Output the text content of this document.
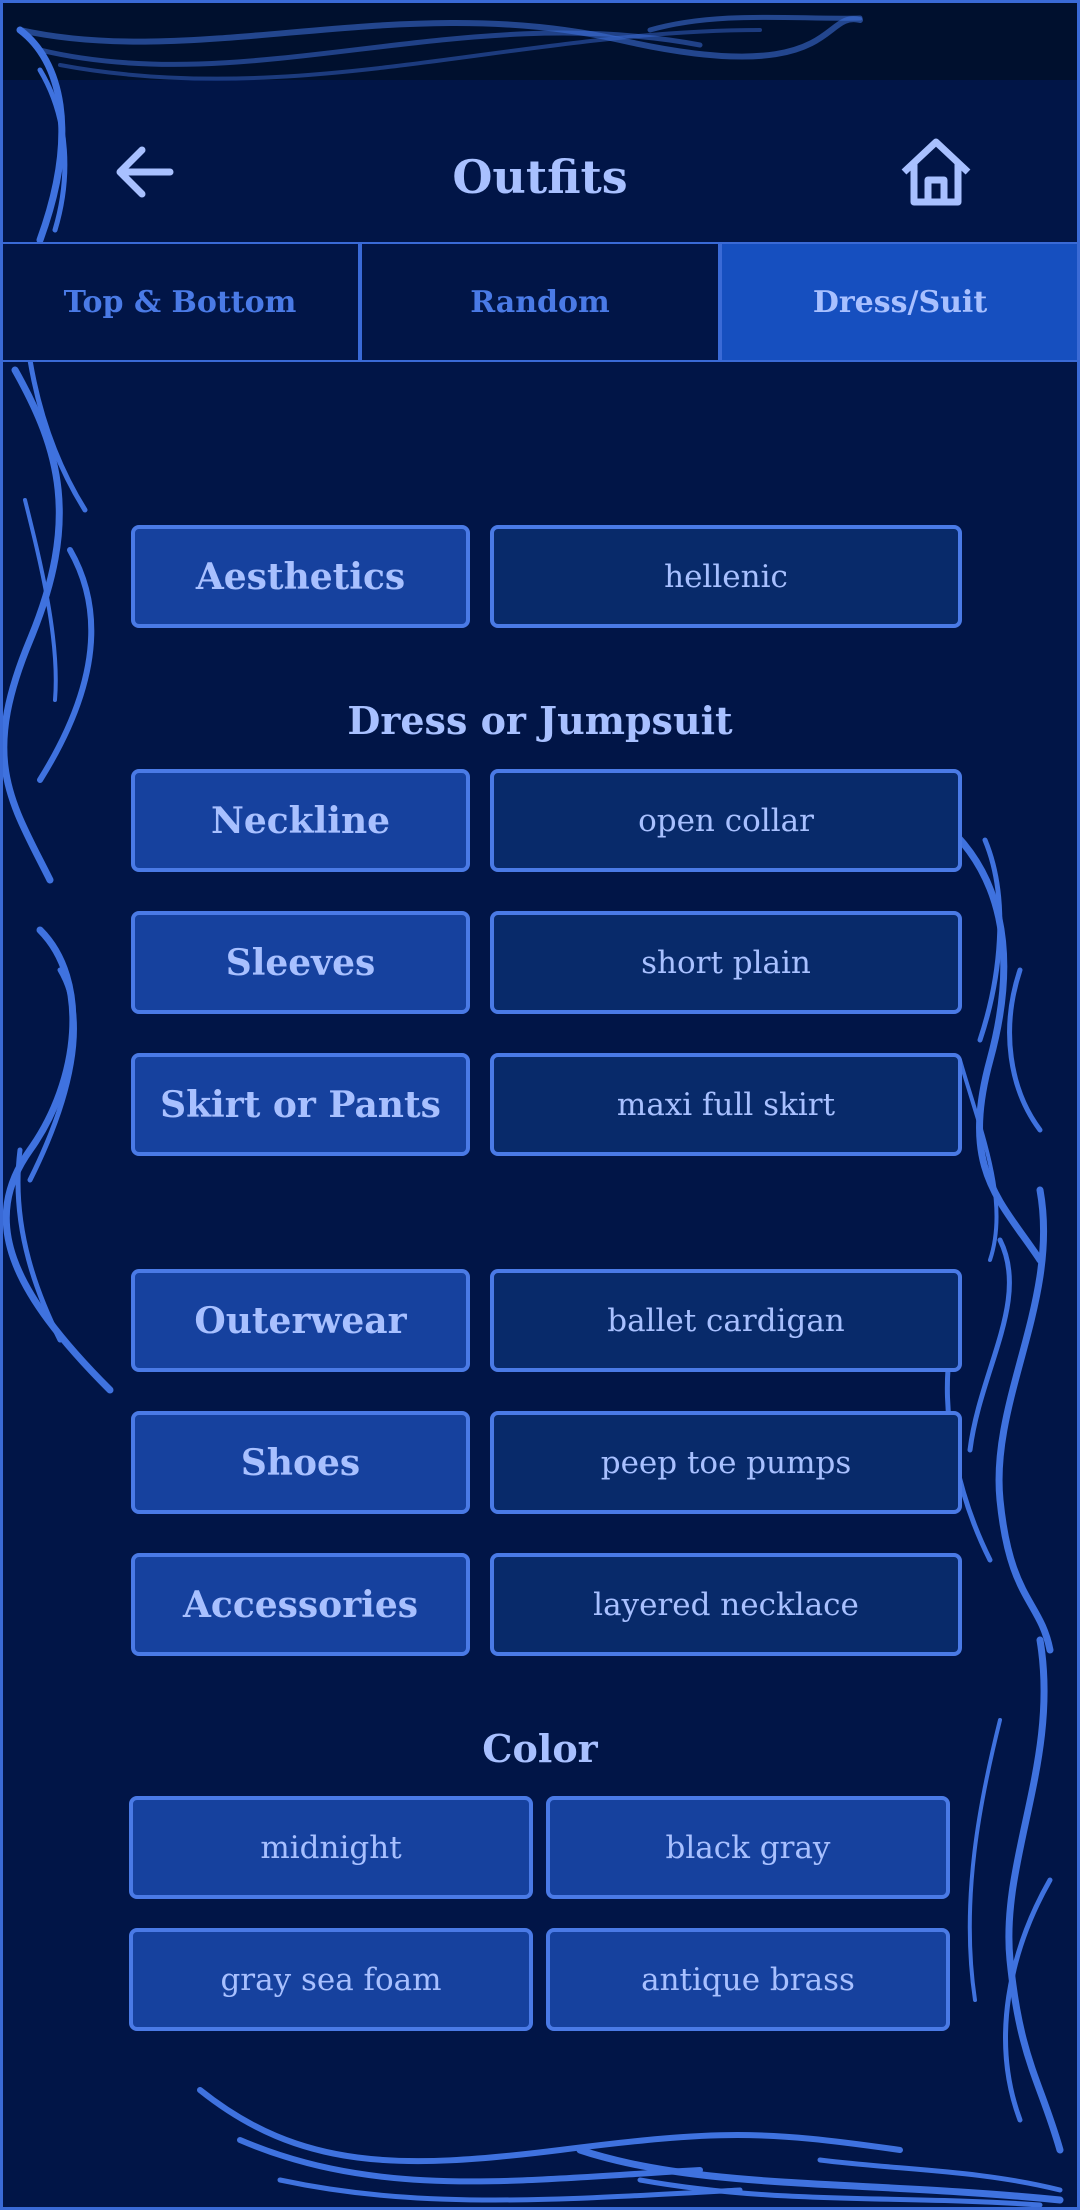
Outfits
Top & Bottom	Random	Dress/Suit
Aesthetics	hellenic
Dress or Jumpsuit
Neckline	open collar
Sleeves	short plain
Skirt or Pants	maxi full skirt
Outerwear	ballet cardigan
Shoes	peep toe pumps
Accessories	layered necklace
Color
midnight	black gray
gray sea foam	antique brass
